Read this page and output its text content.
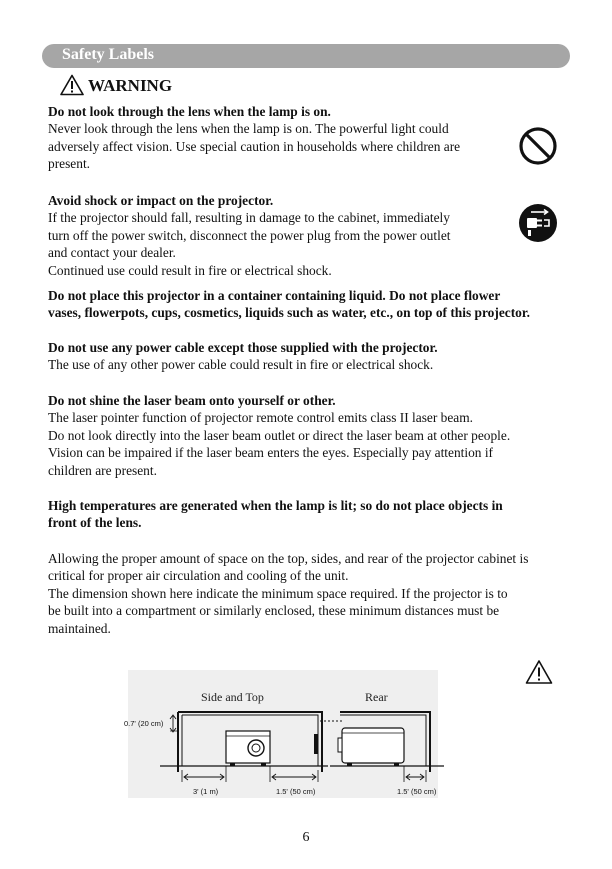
Safety Labels
WARNING

Do not look through the lens when the lamp is on.

Never look through the lens when the lamp is on. The powerful light could

adversely affect vision. Use special caution in households where children are

present.

Avoid shock or impact on the projector.

If the projector should fall, resulting in damage to the cabinet, immediately

turn off the power switch, disconnect the power plug from the power outlet

and contact your dealer.

Continued use could result in fire or electrical shock.

Do not place this projector in a container containing liquid. Do not place flower

vases, flowerpots, cups, cosmetics, liquids such as water, etc., on top of this projector.

Do not use any power cable except those supplied with the projector.

The use of any other power cable could result in fire or electrical shock.

Do not shine the laser beam onto yourself or other.

The laser pointer function of projector remote control emits class II laser beam.

Do not look directly into the laser beam outlet or direct the laser beam at other people.

Vision can be impaired if the laser beam enters the eyes. Especially pay attention if

children are present.

High temperatures are generated when the lamp is lit; so do not place objects in

front of the lens.

Allowing the proper amount of space on the top, sides, and rear of the projector cabinet is

critical for proper air circulation and cooling of the unit.

The dimension shown here indicate the minimum space required. If the projector is to

be built into a compartment or similarly enclosed, these minimum distances must be

maintained.

Side and Top	Rear
0.7' (20 cm)
3' (1 m)	1.5' (50 cm)	1.5' (50 cm)
6
